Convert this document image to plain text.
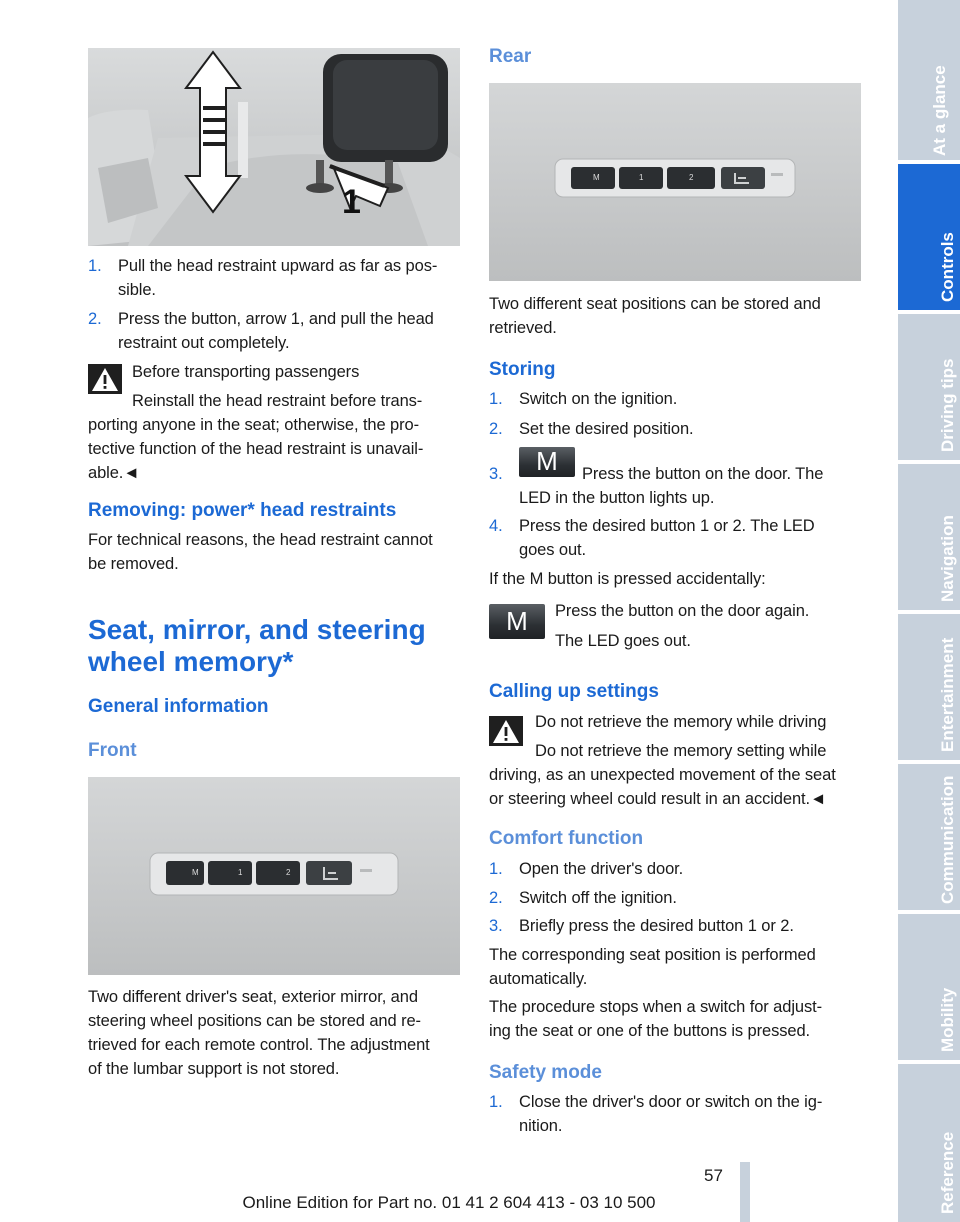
1
1. Pull the head restraint upward as far as pos-
sible.
2. Press the button, arrow 1, and pull the head
restraint out completely.
Before transporting passengers
Reinstall the head restraint before trans-
porting anyone in the seat; otherwise, the pro-
tective function of the head restraint is unavail-
able.◄
Removing: power* head restraints
For technical reasons, the head restraint cannot
be removed.
Seat, mirror, and steering
wheel memory*
General information
Front
M	1	2
Two different driver's seat, exterior mirror, and
steering wheel positions can be stored and re-
trieved for each remote control. The adjustment
of the lumbar support is not stored.
Rear
M	1	2
Two different seat positions can be stored and
retrieved.
Storing
1. Switch on the ignition.
2. Set the desired position.
3. M Press the button on the door. The
LED in the button lights up.
4. Press the desired button 1 or 2. The LED
goes out.
If the M button is pressed accidentally:
M Press the button on the door again.
The LED goes out.
Calling up settings
Do not retrieve the memory while driving
Do not retrieve the memory setting while
driving, as an unexpected movement of the seat
or steering wheel could result in an accident.◄
Comfort function
1. Open the driver's door.
2. Switch off the ignition.
3. Briefly press the desired button 1 or 2.
The corresponding seat position is performed
automatically.
The procedure stops when a switch for adjust-
ing the seat or one of the buttons is pressed.
Safety mode
1. Close the driver's door or switch on the ig-
nition.
At a glance
Controls
Driving tips
Navigation
Entertainment
Communication
Mobility
Reference
57
Online Edition for Part no. 01 41 2 604 413 - 03 10 500
